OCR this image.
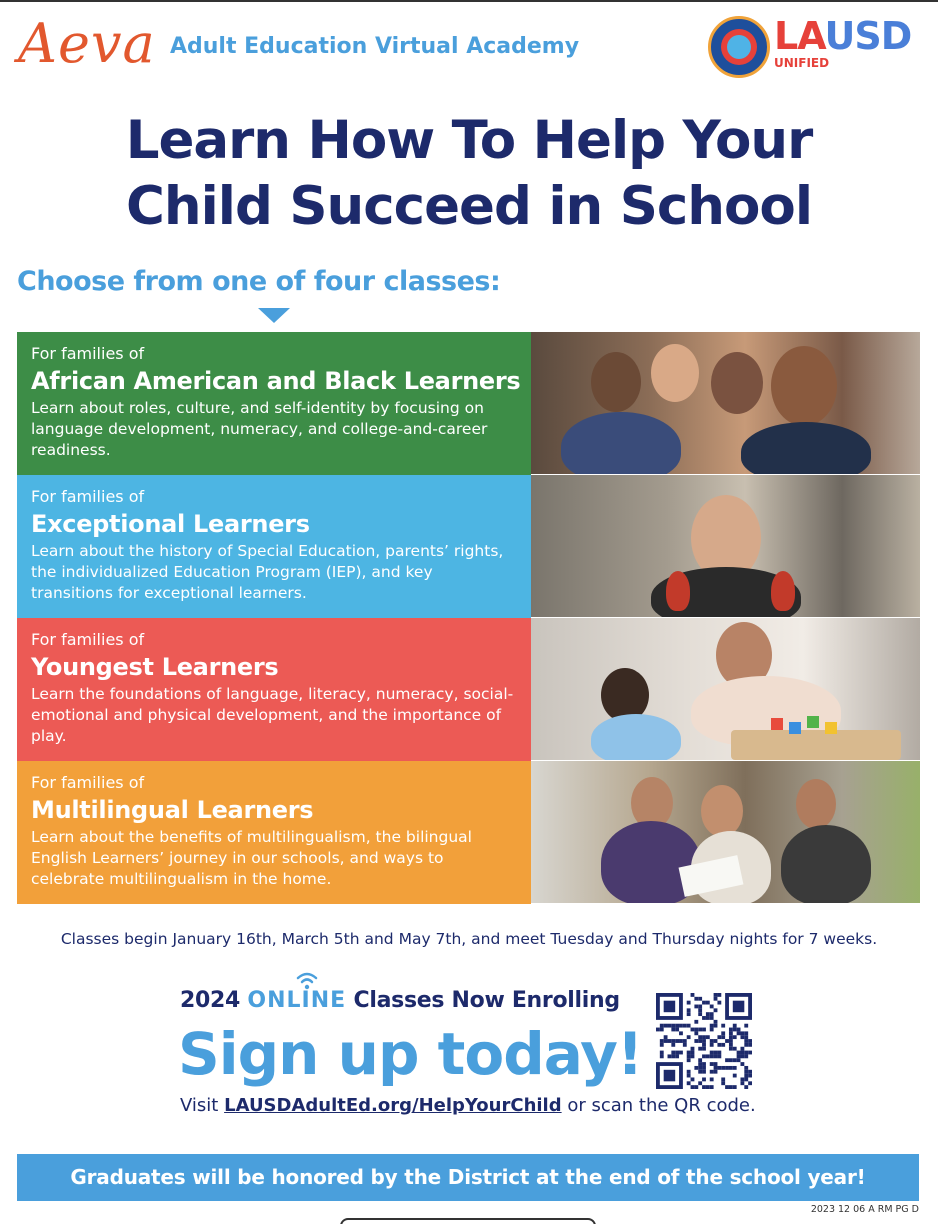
Aeva Adult Education Virtual Academy	LAUSD
UNIFIED
Learn How To Help Your
Child Succeed in School
Choose from one of four classes:
For families of
African American and Black Learners
Learn about roles, culture, and self-identity by focusing on language development, numeracy, and college-and-career readiness.
For families of
Exceptional Learners
Learn about the history of Special Education, parents’ rights, the individualized Education Program (IEP), and key transitions for exceptional learners.
For families of
Youngest Learners
Learn the foundations of language, literacy, numeracy, social-emotional and physical development, and the importance of play.
For families of
Multilingual Learners
Learn about the benefits of multilingualism, the bilingual English Learners’ journey in our schools, and ways to celebrate multilingualism in the home.
Classes begin January 16th, March 5th and May 7th, and meet Tuesday and Thursday nights for 7 weeks.
2024 ONLINE Classes Now Enrolling
Sign up today!
Visit LAUSDAdultEd.org/HelpYourChild or scan the QR code.
Graduates will be honored by the District at the end of the school year!
2023 12 06 A RM PG D
